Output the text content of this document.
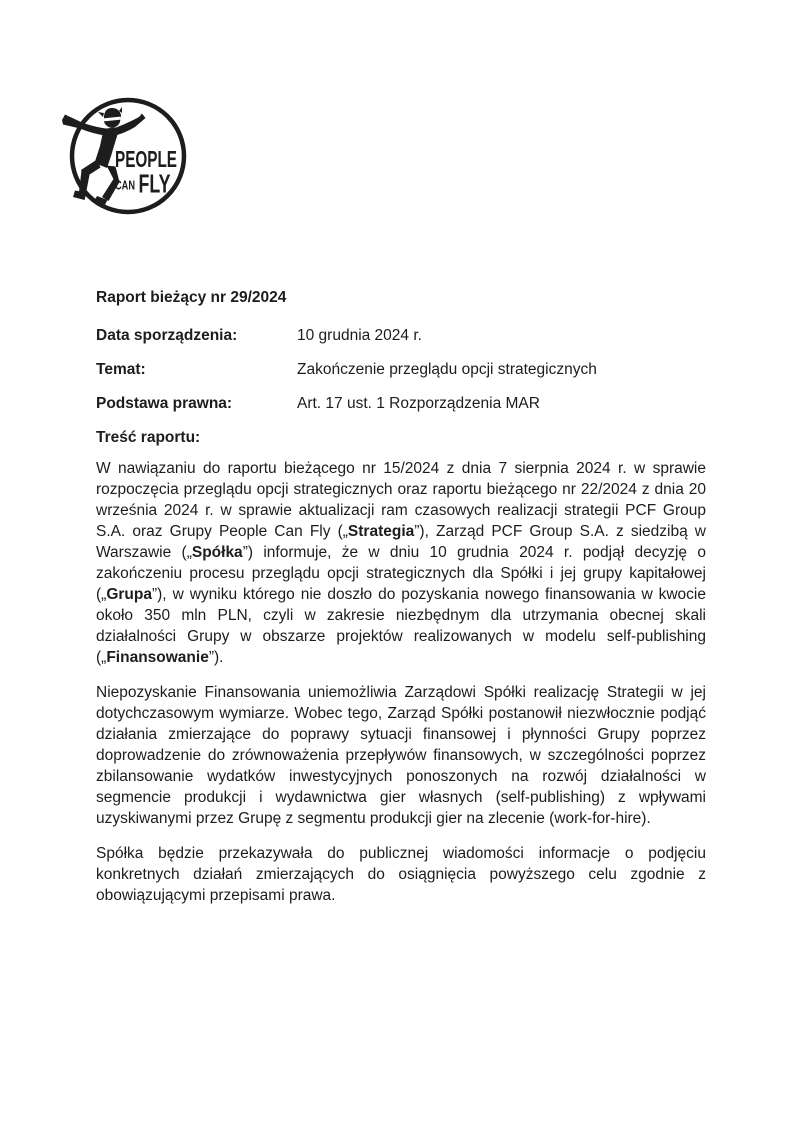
PEOPLE
CAN FLY
Raport bieżący nr 29/2024
Data sporządzenia:	10 grudnia 2024 r.
Temat:	Zakończenie przeglądu opcji strategicznych
Podstawa prawna:	Art. 17 ust. 1 Rozporządzenia MAR
Treść raportu:

W nawiązaniu do raportu bieżącego nr 15/2024 z dnia 7 sierpnia 2024 r. w sprawie rozpoczęcia przeglądu opcji strategicznych oraz raportu bieżącego nr 22/2024 z dnia 20 września 2024 r. w sprawie aktualizacji ram czasowych realizacji strategii PCF Group S.A. oraz Grupy People Can Fly („Strategia”), Zarząd PCF Group S.A. z siedzibą w Warszawie („Spółka”) informuje, że w dniu 10 grudnia 2024 r. podjął decyzję o zakończeniu procesu przeglądu opcji strategicznych dla Spółki i jej grupy kapitałowej („Grupa”), w wyniku którego nie doszło do pozyskania nowego finansowania w kwocie około 350 mln PLN, czyli w zakresie niezbędnym dla utrzymania obecnej skali działalności Grupy w obszarze projektów realizowanych w modelu self-publishing („Finansowanie”).

Niepozyskanie Finansowania uniemożliwia Zarządowi Spółki realizację Strategii w jej dotychczasowym wymiarze. Wobec tego, Zarząd Spółki postanowił niezwłocznie podjąć działania zmierzające do poprawy sytuacji finansowej i płynności Grupy poprzez doprowadzenie do zrównoważenia przepływów finansowych, w szczególności poprzez zbilansowanie wydatków inwestycyjnych ponoszonych na rozwój działalności w segmencie produkcji i wydawnictwa gier własnych (self-publishing) z wpływami uzyskiwanymi przez Grupę z segmentu produkcji gier na zlecenie (work-for-hire).

Spółka będzie przekazywała do publicznej wiadomości informacje o podjęciu konkretnych działań zmierzających do osiągnięcia powyższego celu zgodnie z obowiązującymi przepisami prawa.
